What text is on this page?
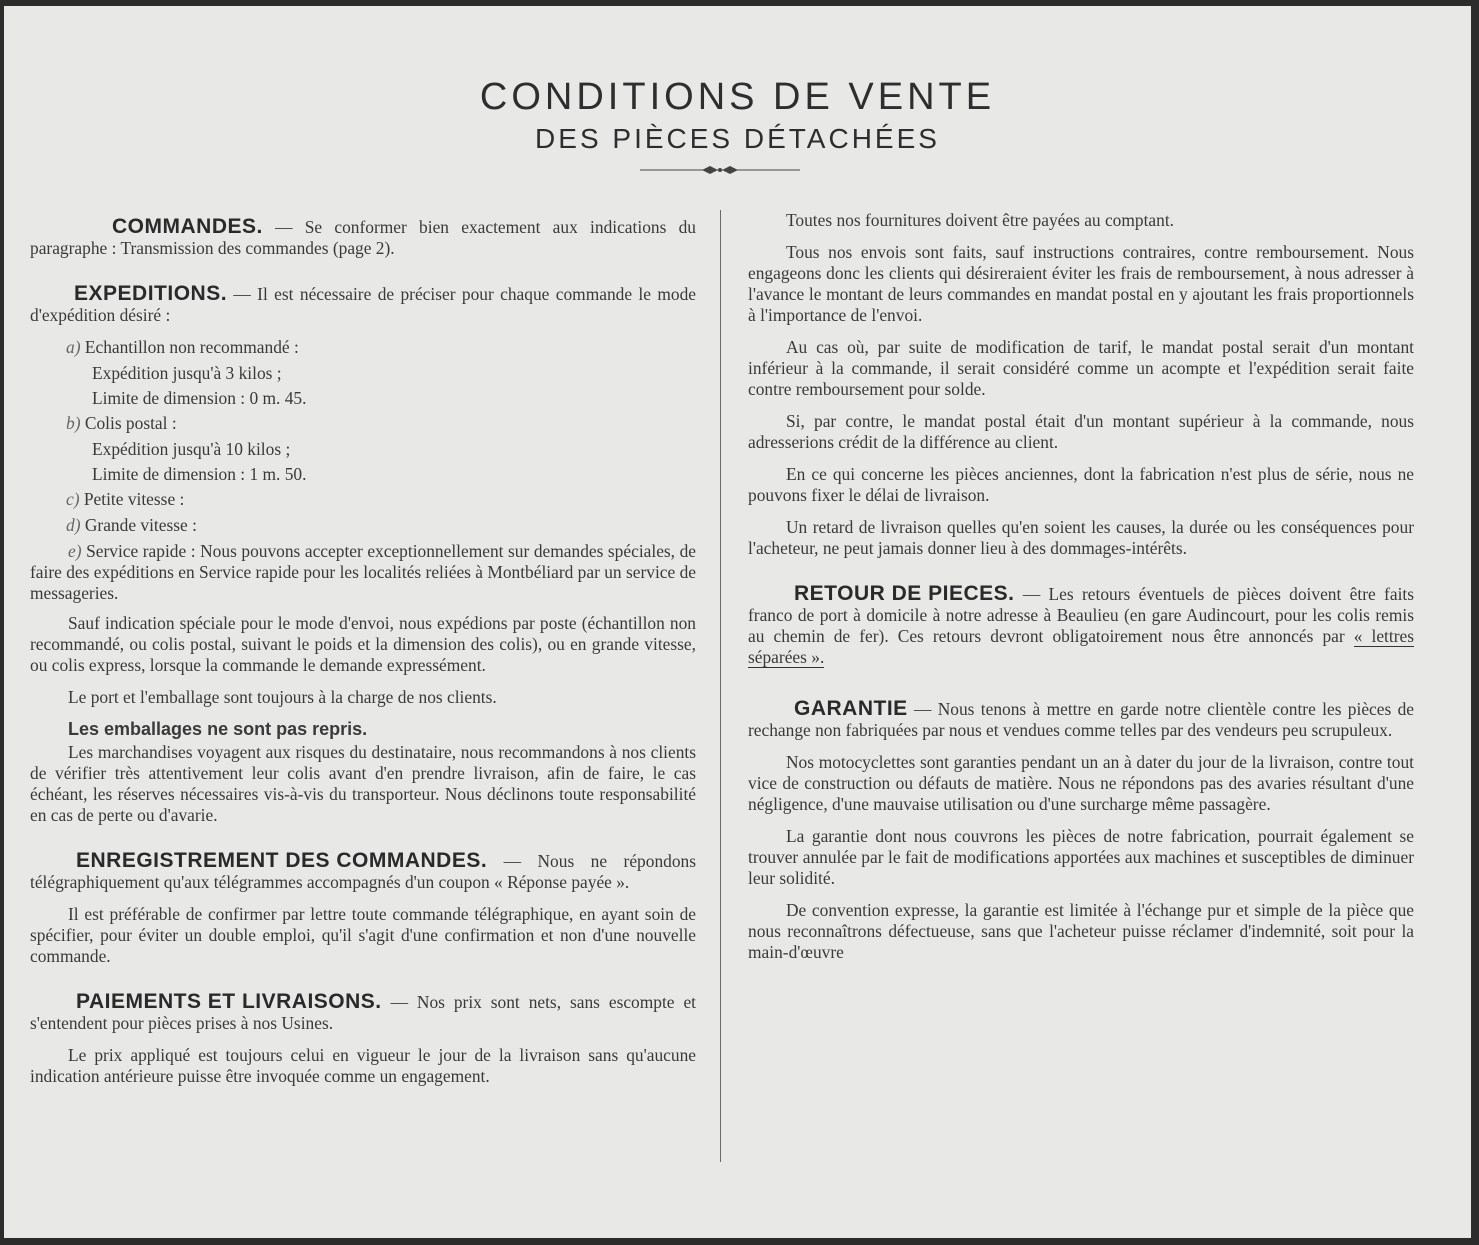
CONDITIONS DE VENTE
DES PIÈCES DÉTACHÉES

COMMANDES. — Se conformer bien exactement aux indications du paragraphe : Transmission des commandes (page 2).

EXPEDITIONS. — Il est nécessaire de préciser pour chaque commande le mode d'expédition désiré :

a) Echantillon non recommandé :

Expédition jusqu'à 3 kilos ;

Limite de dimension : 0 m. 45.

b) Colis postal :

Expédition jusqu'à 10 kilos ;

Limite de dimension : 1 m. 50.

c) Petite vitesse :

d) Grande vitesse :

e) Service rapide : Nous pouvons accepter exceptionnellement sur demandes spéciales, de faire des expéditions en Service rapide pour les localités reliées à Montbéliard par un service de messageries.

Sauf indication spéciale pour le mode d'envoi, nous expédions par poste (échantillon non recommandé, ou colis postal, suivant le poids et la dimension des colis), ou en grande vitesse, ou colis express, lorsque la commande le demande expressément.

Le port et l'emballage sont toujours à la charge de nos clients.

Les emballages ne sont pas repris.

Les marchandises voyagent aux risques du destinataire, nous recommandons à nos clients de vérifier très attentivement leur colis avant d'en prendre livraison, afin de faire, le cas échéant, les réserves nécessaires vis-à-vis du transporteur. Nous déclinons toute responsabilité en cas de perte ou d'avarie.

ENREGISTREMENT DES COMMANDES. — Nous ne répondons télégraphiquement qu'aux télégrammes accompagnés d'un coupon « Réponse payée ».

Il est préférable de confirmer par lettre toute commande télégraphique, en ayant soin de spécifier, pour éviter un double emploi, qu'il s'agit d'une confirmation et non d'une nouvelle commande.

PAIEMENTS ET LIVRAISONS. — Nos prix sont nets, sans escompte et s'entendent pour pièces prises à nos Usines.

Le prix appliqué est toujours celui en vigueur le jour de la livraison sans qu'aucune indication antérieure puisse être invoquée comme un engagement.

Toutes nos fournitures doivent être payées au comptant.

Tous nos envois sont faits, sauf instructions contraires, contre remboursement. Nous engageons donc les clients qui désireraient éviter les frais de remboursement, à nous adresser à l'avance le montant de leurs commandes en mandat postal en y ajoutant les frais proportionnels à l'importance de l'envoi.

Au cas où, par suite de modification de tarif, le mandat postal serait d'un montant inférieur à la commande, il serait considéré comme un acompte et l'expédition serait faite contre remboursement pour solde.

Si, par contre, le mandat postal était d'un montant supérieur à la commande, nous adresserions crédit de la différence au client.

En ce qui concerne les pièces anciennes, dont la fabrication n'est plus de série, nous ne pouvons fixer le délai de livraison.

Un retard de livraison quelles qu'en soient les causes, la durée ou les conséquences pour l'acheteur, ne peut jamais donner lieu à des dommages-intérêts.

RETOUR DE PIECES. — Les retours éventuels de pièces doivent être faits franco de port à domicile à notre adresse à Beaulieu (en gare Audincourt, pour les colis remis au chemin de fer). Ces retours devront obligatoirement nous être annoncés par « lettres séparées ».

GARANTIE — Nous tenons à mettre en garde notre clientèle contre les pièces de rechange non fabriquées par nous et vendues comme telles par des vendeurs peu scrupuleux.

Nos motocyclettes sont garanties pendant un an à dater du jour de la livraison, contre tout vice de construction ou défauts de matière. Nous ne répondons pas des avaries résultant d'une négligence, d'une mauvaise utilisation ou d'une surcharge même passagère.

La garantie dont nous couvrons les pièces de notre fabrication, pourrait également se trouver annulée par le fait de modifications apportées aux machines et susceptibles de diminuer leur solidité.

De convention expresse, la garantie est limitée à l'échange pur et simple de la pièce que nous reconnaîtrons défectueuse, sans que l'acheteur puisse réclamer d'indemnité, soit pour la main-d'œuvre
